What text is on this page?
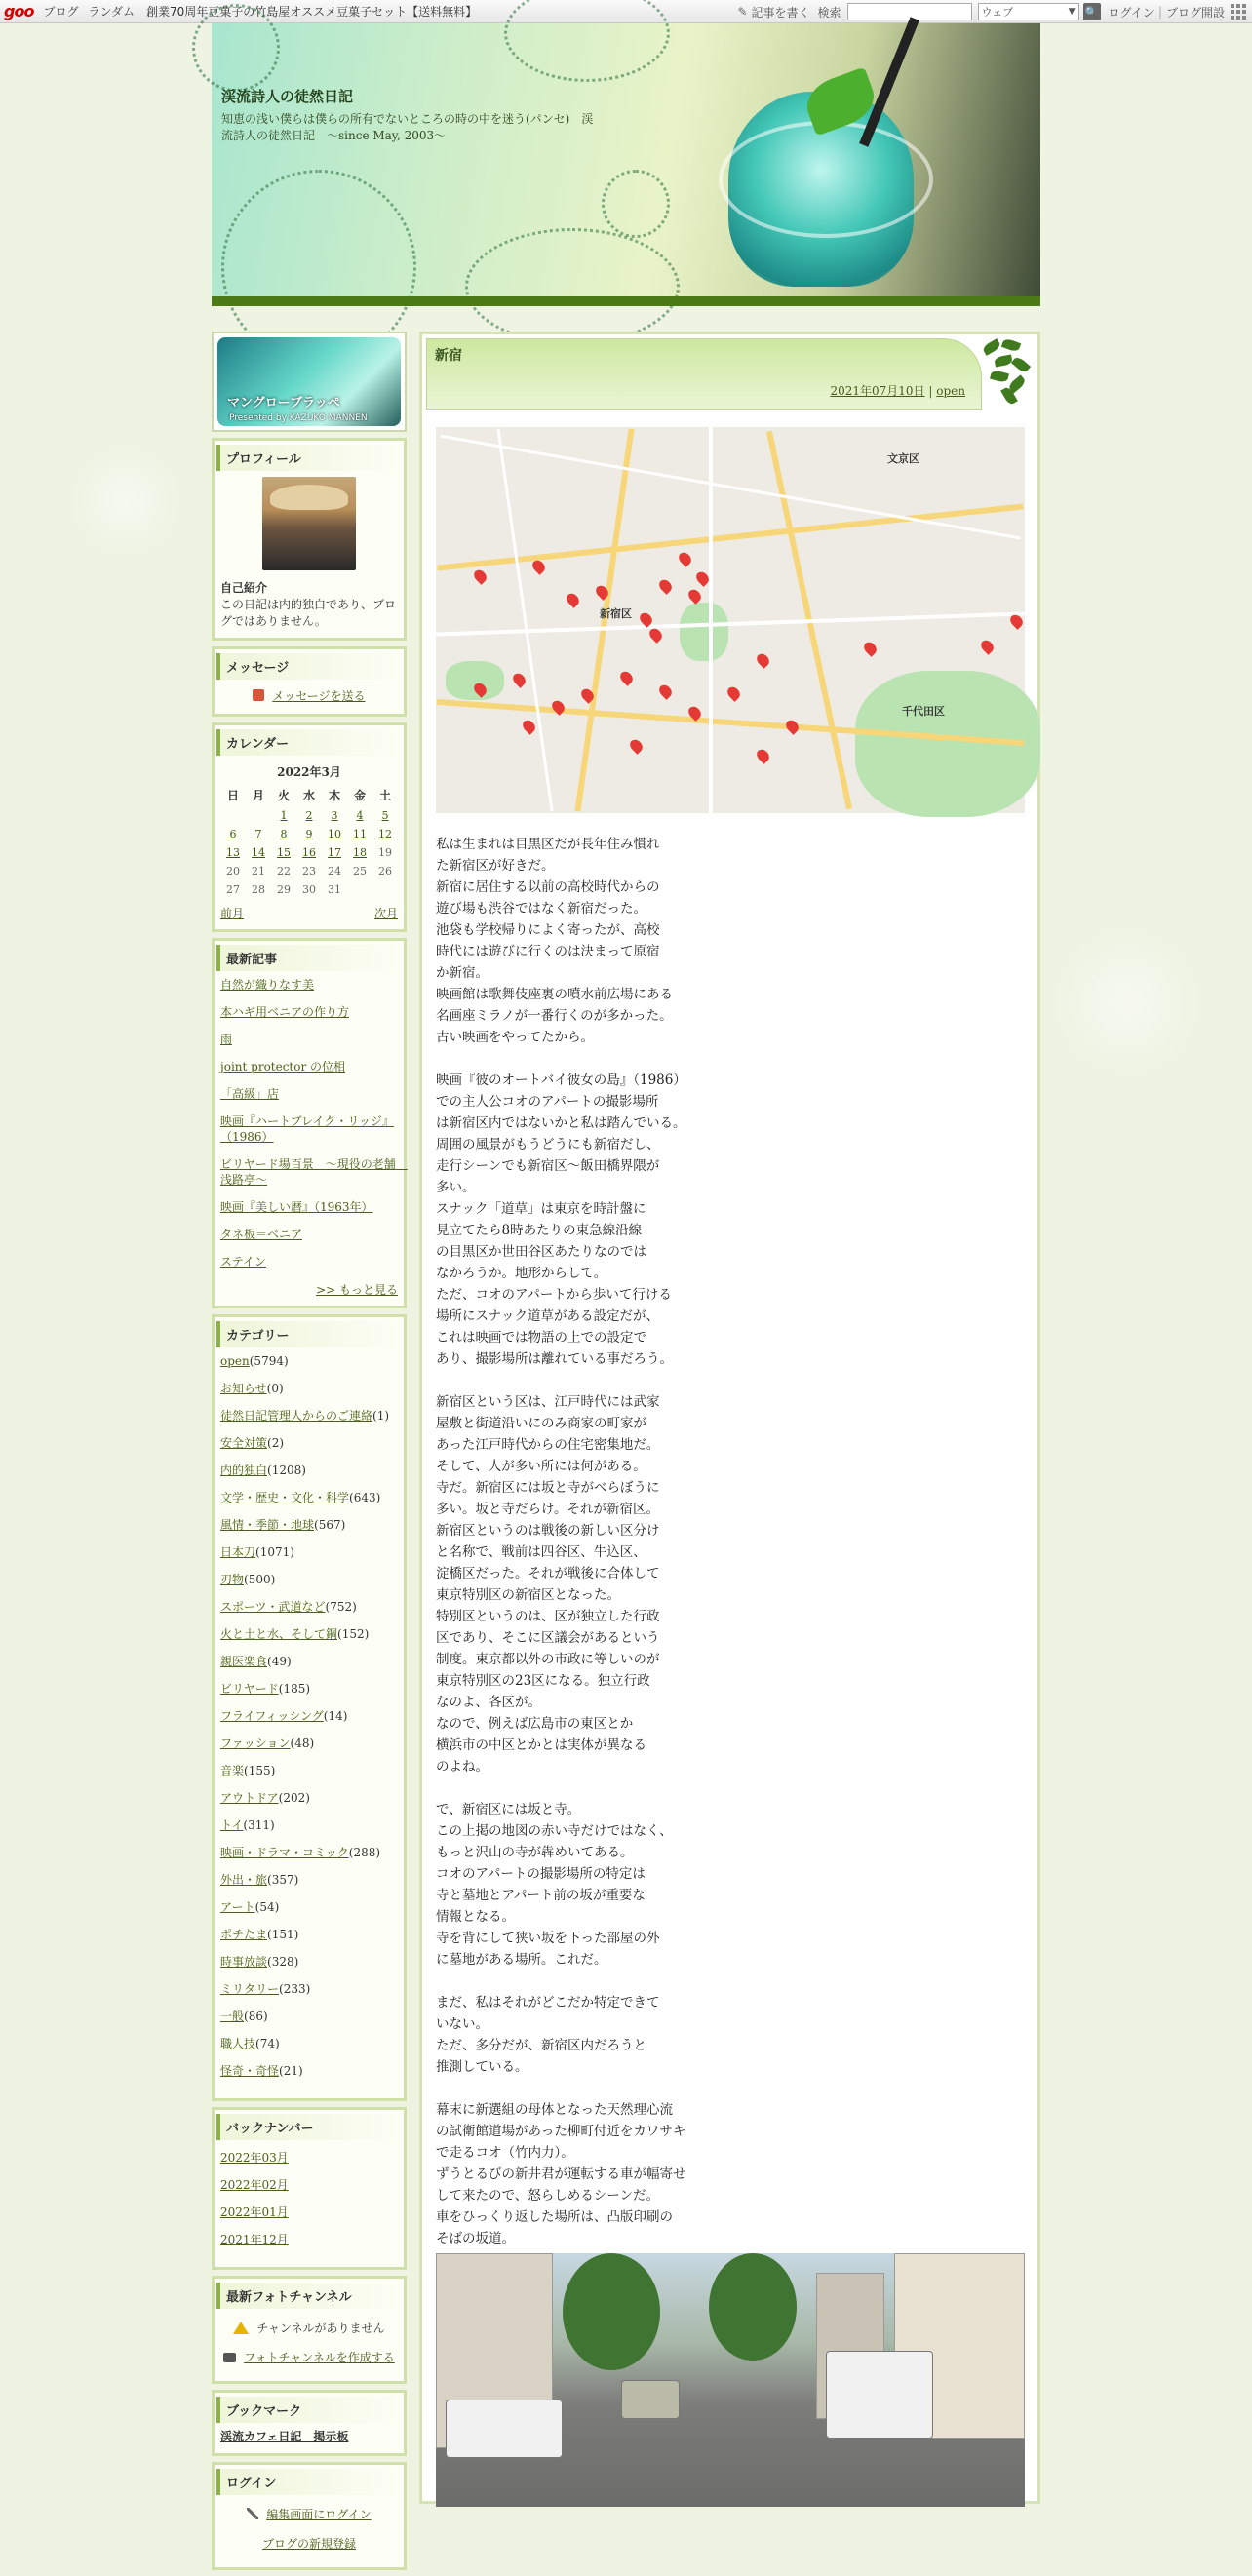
goo ブログ ランダム 創業70周年豆菓子の竹島屋オススメ豆菓子セット【送料無料】	✎ 記事を書く 検索	ウェブ	▼ 🔍 ログイン | ブログ開設
渓流詩人の徒然日記
知恵の浅い僕らは僕らの所有でないところの時の中を迷う(パンセ)　渓流詩人の徒然日記　～since May, 2003～
マングローブラッペ
Presented by KAZUKO MANNEN
プロフィール
自己紹介
この日記は内的独白であり、ブログではありません。
メッセージ
メッセージを送る
カレンダー
2022年3月
日	月	火	水	木	金	土
		1	2	3	4	5
6	7	8	9	10	11	12
13	14	15	16	17	18	19
20	21	22	23	24	25	26
27	28	29	30	31		
前月	次月
最新記事
自然が織りなす美
本ハギ用ベニアの作り方
雨
joint protector の位相
「高級」店
映画『ハートブレイク・リッジ』（1986）
ビリヤード場百景　～現役の老舗　浅路亭～
映画『美しい暦』（1963年）
タネ板＝ベニア
ステイン
>> もっと見る
カテゴリー
open(5794)
お知らせ(0)
徒然日記管理人からのご連絡(1)
安全対策(2)
内的独白(1208)
文学・歴史・文化・科学(643)
風情・季節・地球(567)
日本刀(1071)
刃物(500)
スポーツ・武道など(752)
火と土と水、そして鋼(152)
親医楽食(49)
ビリヤード(185)
フライフィッシング(14)
ファッション(48)
音楽(155)
アウトドア(202)
トイ(311)
映画・ドラマ・コミック(288)
外出・旅(357)
アート(54)
ポチたま(151)
時事放談(328)
ミリタリー(233)
一般(86)
職人技(74)
怪奇・奇怪(21)
バックナンバー
2022年03月
2022年02月
2022年01月
2021年12月
最新フォトチャンネル
チャンネルがありません
フォトチャンネルを作成する
ブックマーク
渓流カフェ日記　掲示板
ログイン
編集画面にログイン
ブログの新規登録
新宿
2021年07月10日 | open
文京区
新宿区
千代田区
私は生まれは目黒区だが長年住み慣れ
た新宿区が好きだ。
新宿に居住する以前の高校時代からの
遊び場も渋谷ではなく新宿だった。
池袋も学校帰りによく寄ったが、高校
時代には遊びに行くのは決まって原宿
か新宿。
映画館は歌舞伎座裏の噴水前広場にある
名画座ミラノが一番行くのが多かった。
古い映画をやってたから。

映画『彼のオートバイ彼女の島』（1986）
での主人公コオのアパートの撮影場所
は新宿区内ではないかと私は踏んでいる。
周囲の風景がもうどうにも新宿だし、
走行シーンでも新宿区～飯田橋界隈が
多い。
スナック「道草」は東京を時計盤に
見立てたら8時あたりの東急線沿線
の目黒区か世田谷区あたりなのでは
なかろうか。地形からして。
ただ、コオのアパートから歩いて行ける
場所にスナック道草がある設定だが、
これは映画では物語の上での設定で
あり、撮影場所は離れている事だろう。

新宿区という区は、江戸時代には武家
屋敷と街道沿いにのみ商家の町家が
あった江戸時代からの住宅密集地だ。
そして、人が多い所には何がある。
寺だ。新宿区には坂と寺がべらぼうに
多い。坂と寺だらけ。それが新宿区。
新宿区というのは戦後の新しい区分け
と名称で、戦前は四谷区、牛込区、
淀橋区だった。それが戦後に合体して
東京特別区の新宿区となった。
特別区というのは、区が独立した行政
区であり、そこに区議会があるという
制度。東京都以外の市政に等しいのが
東京特別区の23区になる。独立行政
なのよ、各区が。
なので、例えば広島市の東区とか
横浜市の中区とかとは実体が異なる
のよね。

で、新宿区には坂と寺。
この上掲の地図の赤い寺だけではなく、
もっと沢山の寺が犇めいてある。
コオのアパートの撮影場所の特定は
寺と墓地とアパート前の坂が重要な
情報となる。
寺を背にして狭い坂を下った部屋の外
に墓地がある場所。これだ。

まだ、私はそれがどこだか特定できて
いない。
ただ、多分だが、新宿区内だろうと
推測している。

幕末に新選組の母体となった天然理心流
の試衛館道場があった柳町付近をカワサキ
で走るコオ（竹内力）。
ずうとるびの新井君が運転する車が幅寄せ
して来たので、怒らしめるシーンだ。
車をひっくり返した場所は、凸版印刷の
そばの坂道。
